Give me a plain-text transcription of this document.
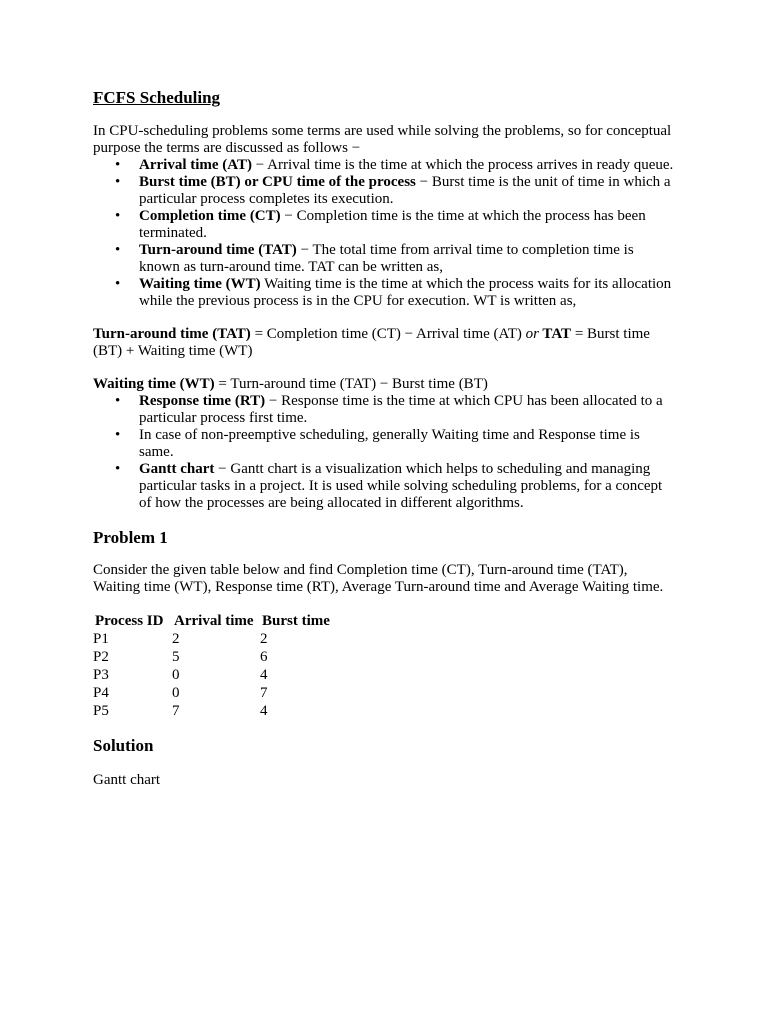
FCFS Scheduling

In CPU-scheduling problems some terms are used while solving the problems, so for conceptual purpose the terms are discussed as follows −

• Arrival time (AT) − Arrival time is the time at which the process arrives in ready queue.
• Burst time (BT) or CPU time of the process − Burst time is the unit of time in which a particular process completes its execution.
• Completion time (CT) − Completion time is the time at which the process has been terminated.
• Turn-around time (TAT) − The total time from arrival time to completion time is known as turn-around time. TAT can be written as,
• Waiting time (WT) Waiting time is the time at which the process waits for its allocation while the previous process is in the CPU for execution. WT is written as,

Turn-around time (TAT) = Completion time (CT) − Arrival time (AT) or TAT = Burst time (BT) + Waiting time (WT)

Waiting time (WT) = Turn-around time (TAT) − Burst time (BT)

• Response time (RT) − Response time is the time at which CPU has been allocated to a particular process first time.
• In case of non-preemptive scheduling, generally Waiting time and Response time is same.
• Gantt chart − Gantt chart is a visualization which helps to scheduling and managing particular tasks in a project. It is used while solving scheduling problems, for a concept of how the processes are being allocated in different algorithms.

Problem 1

Consider the given table below and find Completion time (CT), Turn-around time (TAT), Waiting time (WT), Response time (RT), Average Turn-around time and Average Waiting time.

Process ID	Arrival time	Burst time
P1	2	2
P2	5	6
P3	0	4
P4	0	7
P5	7	4

Solution

Gantt chart
